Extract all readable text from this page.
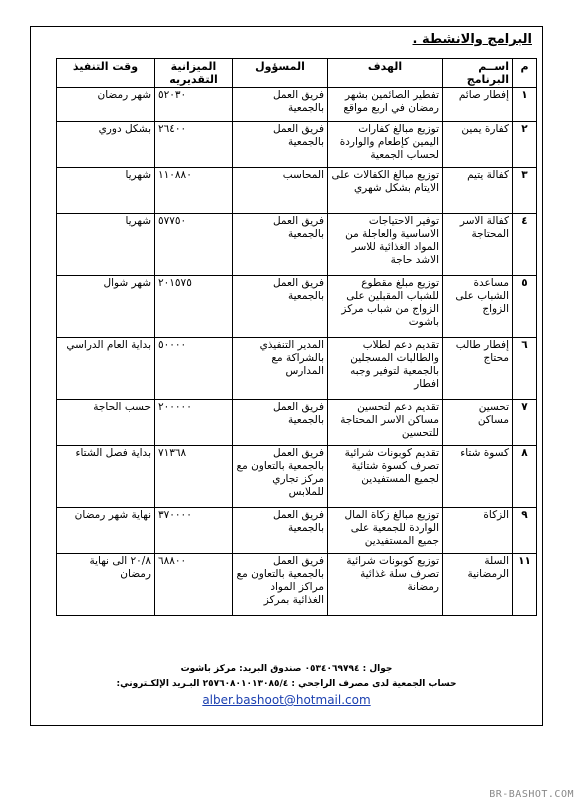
البرامج والانشطة .
م	اســم البرنامج	الهدف	المسؤول	الميزانية التقديريه	وقت التنفيذ
١	إفطار صائم	تفطير الصائمين بشهر رمضان في اربع مواقع	فريق العمل بالجمعية	٥٢٠٣٠	شهر رمضان
٢	كفارة يمين	توزيع مبالغ كفارات اليمين كإطعام والواردة لحساب الجمعية	فريق العمل بالجمعية	٢٦٤٠٠	بشكل دوري
٣	كفالة يتيم	توزيع مبالغ الكفالات على الايتام بشكل شهري	المحاسب	١١٠٨٨٠	شهريا
٤	كفالة الاسر المحتاجة	توفير الاحتياجات الاساسية والعاجلة من المواد الغذائية للاسر الاشد حاجة	فريق العمل بالجمعية	٥٧٧٥٠	شهريا
٥	مساعدة الشباب على الزواج	توزيع مبلغ مقطوع للشباب المقبلين على الزواج من شباب مركز باشوت	فريق العمل بالجمعية	٢٠١٥٧٥	شهر شوال
٦	إفطار طالب محتاج	تقديم دعم لطلاب والطالبات المسجلين بالجمعية لتوفير وجبه افطار	المدير التنفيذي بالشراكة مع المدارس	٥٠٠٠٠	بداية العام الدراسي
٧	تحسين مساكن	تقديم دعم لتحسين مساكن الاسر المحتاجة للتحسين	فريق العمل بالجمعية	٢٠٠٠٠٠	حسب الحاجة
٨	كسوة شتاء	تقديم كوبونات شرائية تصرف كسوة شتائية لجميع المستفيدين	فريق العمل بالجمعية بالتعاون مع مركز تجاري للملابس	٧١٣٦٨	بداية فصل الشتاء
٩	الزكاة	توزيع مبالغ زكاة المال الواردة للجمعية على جميع المستفيدين	فريق العمل بالجمعية	٣٧٠٠٠٠	نهاية شهر رمضان
١١	السلة الرمضانية	توزيع كوبونات شرائية تصرف سلة غذائية رمضانة	فريق العمل بالجمعية بالتعاون مع مراكز المواد الغذائية بمركز	٦٨٨٠٠	٢٠/٨ الى نهاية رمضان
جوال : ٠٥٣٤٠٦٩٧٩٤ صندوق البريد: مركز باشوت
حساب الجمعية لدى مصرف الراجحي : ٢٥٧٦٠٨٠١٠١٣٠٨٥/٤ البـريد الإلكـتروني:
alber.bashoot@hotmail.com
BR-BASHOT.COM
